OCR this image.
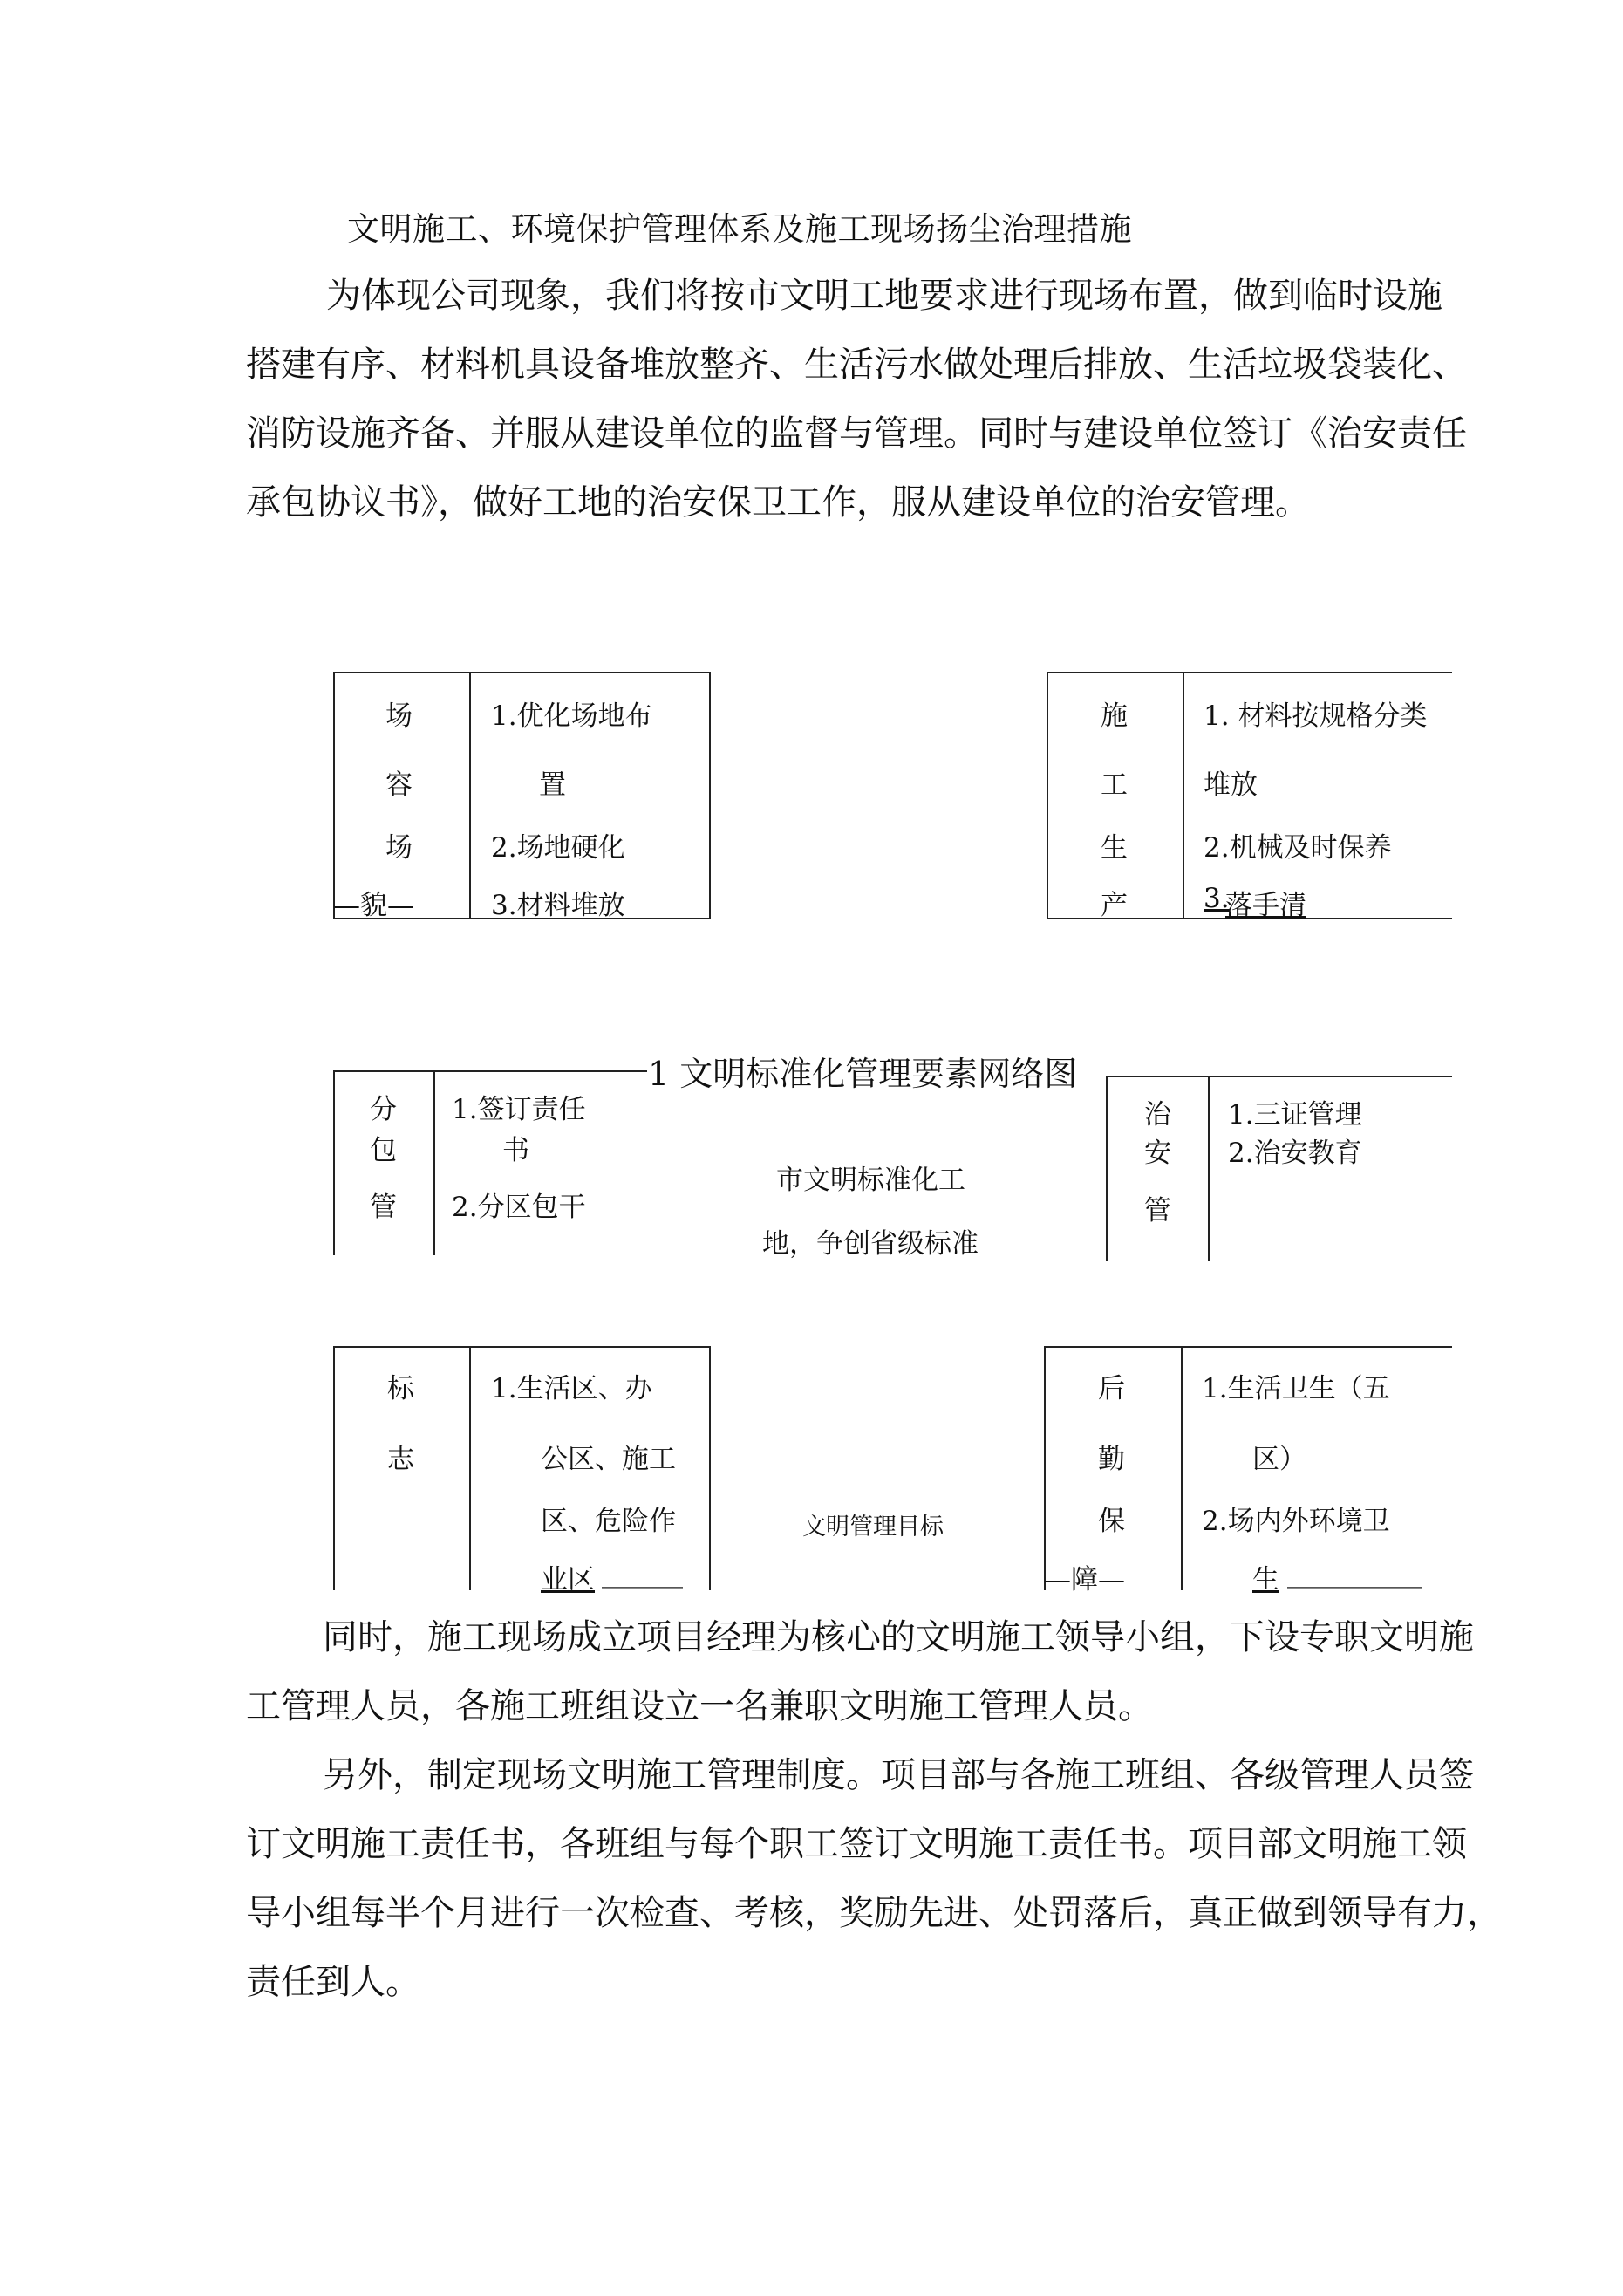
文明施工、环境保护管理体系及施工现场扬尘治理措施
为体现公司现象，我们将按市文明工地要求进行现场布置，做到临时设施
搭建有序、材料机具设备堆放整齐、生活污水做处理后排放、生活垃圾袋装化、
消防设施齐备、并服从建设单位的监督与管理。同时与建设单位签订《治安责任
承包协议书》，做好工地的治安保卫工作，服从建设单位的治安管理。
场
容
场
—貌—
1.优化场地布
置
2.场地硬化
3.材料堆放
施
工
生
产
1. 材料按规格分类
堆放
2.机械及时保养
3.
落手清
1 文明标准化管理要素网络图
分
包
管
1.签订责任
书
2.分区包干
市文明标准化工
地，争创省级标准
治
安
管
1.三证管理
2.治安教育
标
志
1.生活区、办
公区、施工
区、危险作
业区 ______
文明管理目标
后
勤
保
—障—
1.生活卫生（五
区）
2.场内外环境卫
生 __________
同时，施工现场成立项目经理为核心的文明施工领导小组，下设专职文明施
工管理人员，各施工班组设立一名兼职文明施工管理人员。
另外，制定现场文明施工管理制度。项目部与各施工班组、各级管理人员签
订文明施工责任书，各班组与每个职工签订文明施工责任书。项目部文明施工领
导小组每半个月进行一次检查、考核，奖励先进、处罚落后，真正做到领导有力，
责任到人。
